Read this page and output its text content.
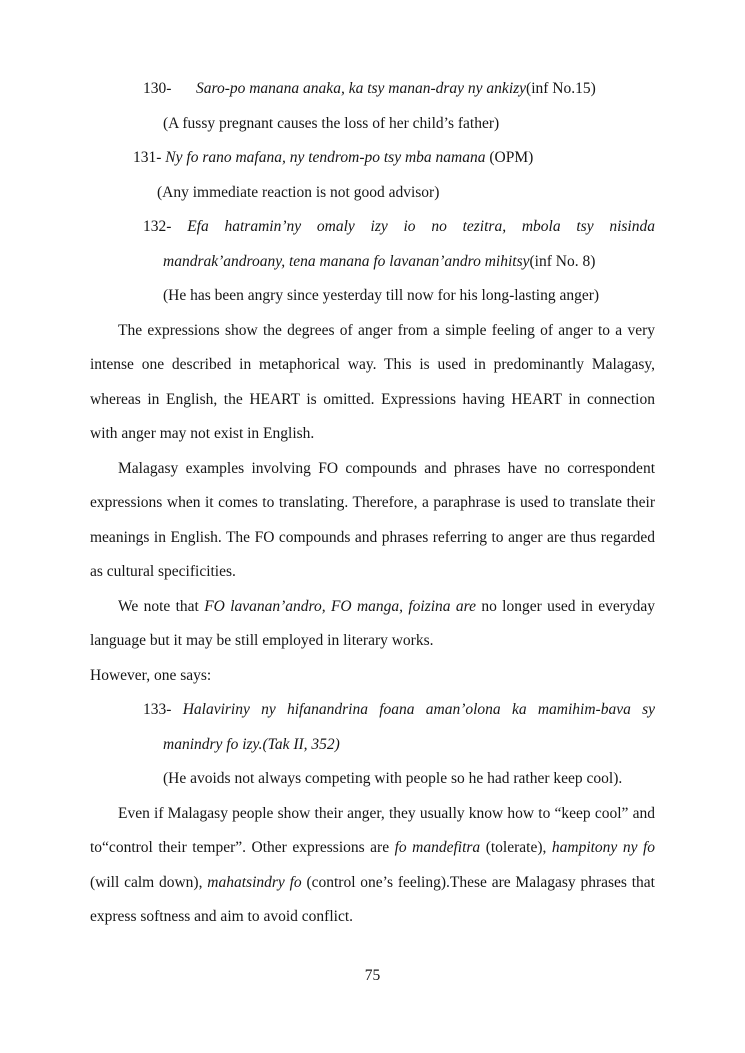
130- Saro-po manana anaka, ka tsy manan-dray ny ankizy(inf No.15)
(A fussy pregnant causes the loss of her child’s father)
131- Ny fo rano mafana, ny tendrom-po tsy mba namana (OPM)
(Any immediate reaction is not good advisor)
132- Efa hatramin’ny omaly izy io no tezitra, mbola tsy nisinda
mandrak’androany, tena manana fo lavanan’andro mihitsy(inf No. 8)
(He has been angry since yesterday till now for his long-lasting anger)
The expressions show the degrees of anger from a simple feeling of anger to a very intense one described in metaphorical way. This is used in predominantly Malagasy, whereas in English, the HEART is omitted. Expressions having HEART in connection with anger may not exist in English.
Malagasy examples involving FO compounds and phrases have no correspondent expressions when it comes to translating. Therefore, a paraphrase is used to translate their meanings in English. The FO compounds and phrases referring to anger are thus regarded as cultural specificities.
We note that FO lavanan’andro, FO manga, foizina are no longer used in everyday language but it may be still employed in literary works.
However, one says:
133- Halaviriny ny hifanandrina foana aman’olona ka mamihim-bava sy
manindry fo izy.(Tak II, 352)
(He avoids not always competing with people so he had rather keep cool).
Even if Malagasy people show their anger, they usually know how to “keep cool” and to“control their temper”. Other expressions are fo mandefitra (tolerate), hampitony ny fo (will calm down), mahatsindry fo (control one’s feeling).These are Malagasy phrases that express softness and aim to avoid conflict.
75
